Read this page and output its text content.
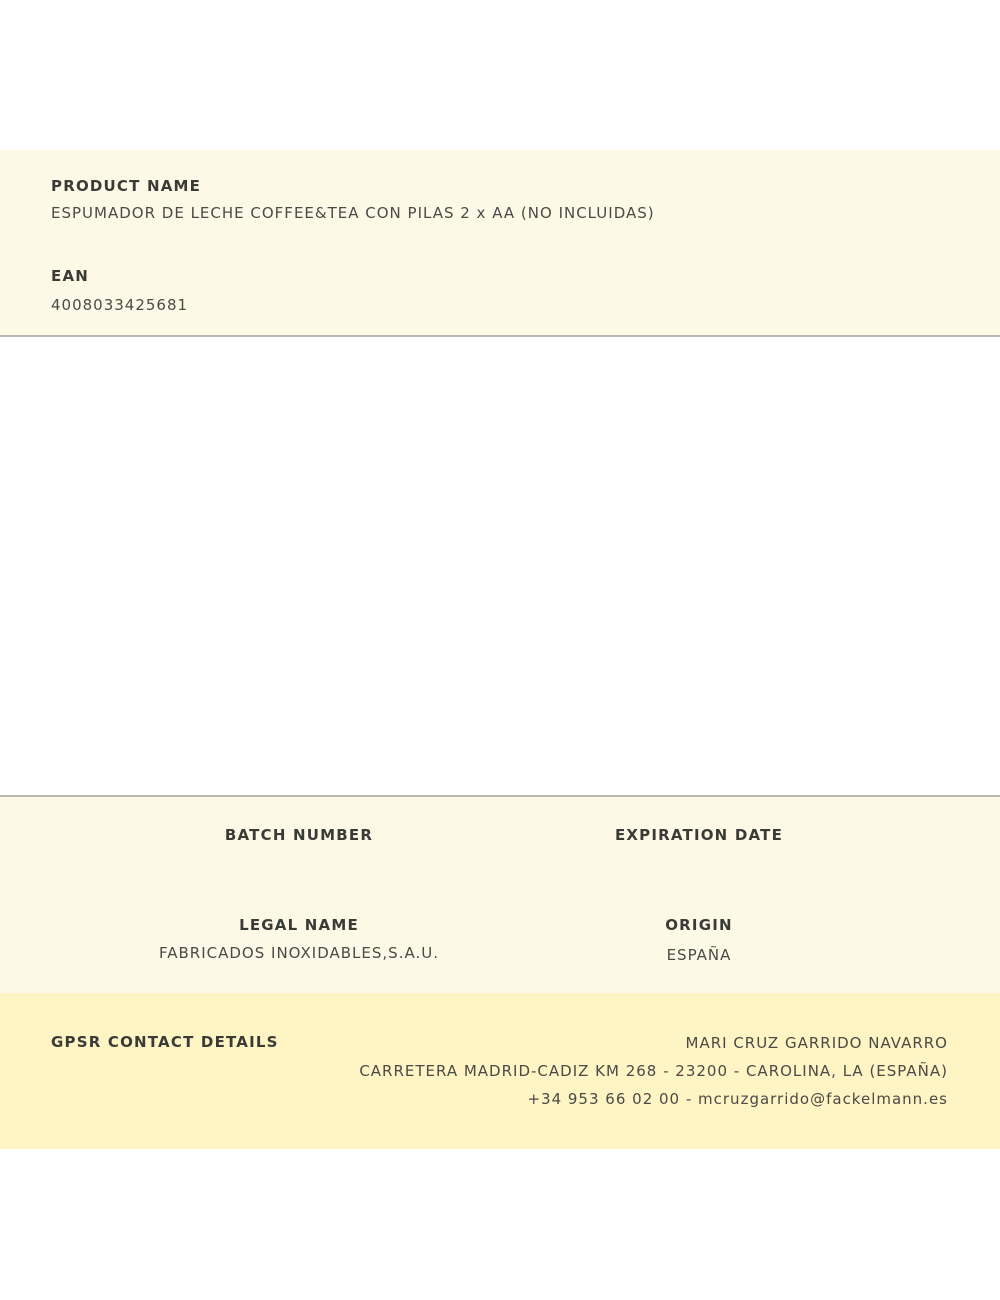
PRODUCT NAME
ESPUMADOR DE LECHE COFFEE&TEA CON PILAS 2 x AA (NO INCLUIDAS)
EAN
4008033425681
BATCH NUMBER	EXPIRATION DATE
LEGAL NAME
FABRICADOS INOXIDABLES,S.A.U.
ORIGIN
ESPAÑA
GPSR CONTACT DETAILS	MARI CRUZ GARRIDO NAVARRO
CARRETERA MADRID-CADIZ KM 268 - 23200 - CAROLINA, LA (ESPAÑA)
+34 953 66 02 00 - mcruzgarrido@fackelmann.es
